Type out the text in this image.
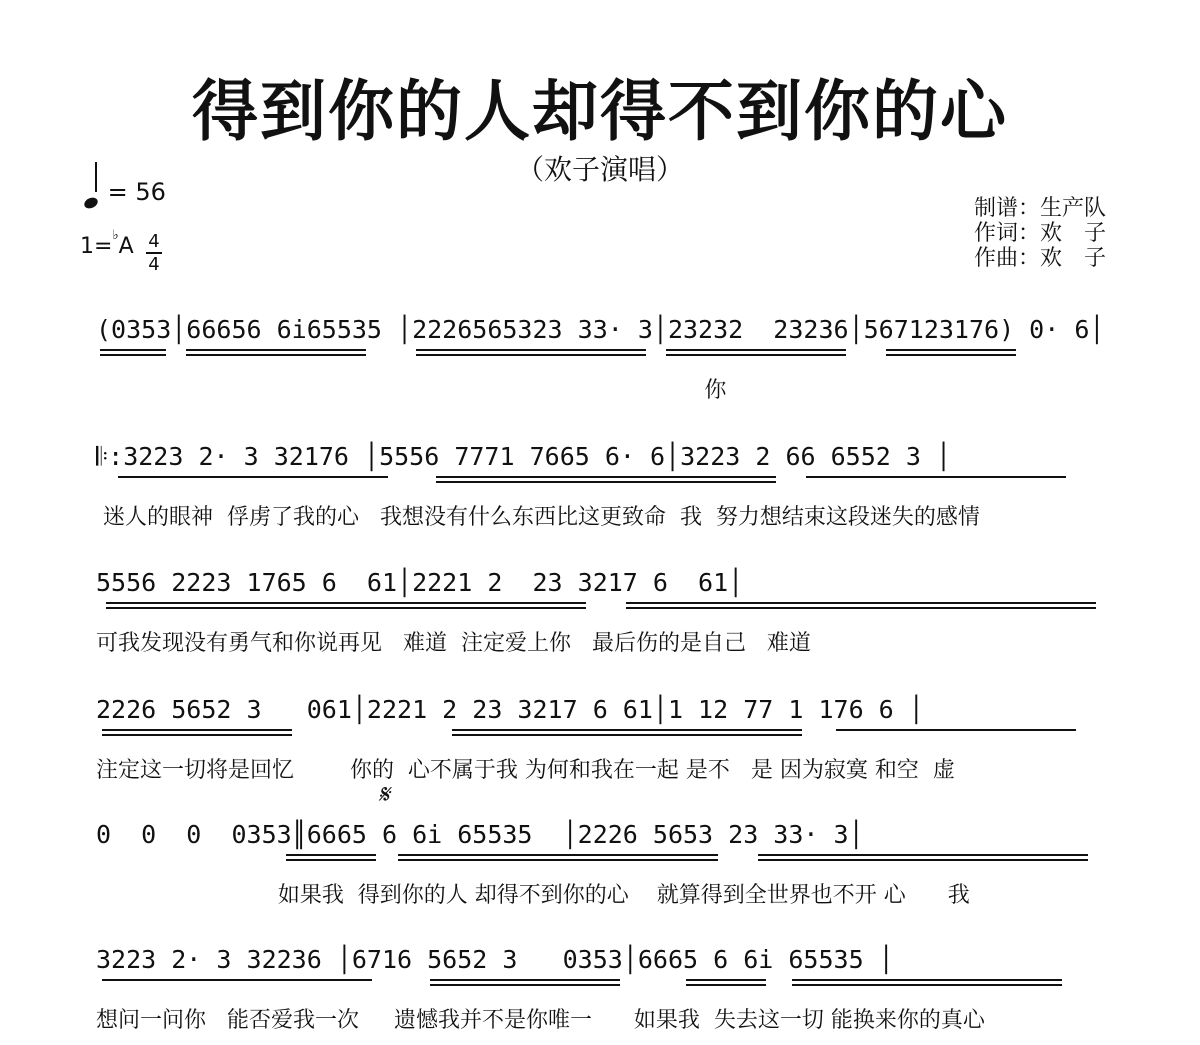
得到你的人却得不到你的心
（欢子演唱）
= 56
1=♭A 4
4
制谱：生产队
作词：欢　子
作曲：欢　子
𝄋
(0353│66656 6i65535 │2226565323 33· 3│23232  23236│567123176) 0· 6│
你
𝄆:3223 2· 3 32176 │5556 7771 7665 6· 6│3223 2 66 6552 3 │
迷人的眼神  俘虏了我的心   我想没有什么东西比这更致命  我  努力想结束这段迷失的感情
5556 2223 1765 6  61│2221 2  23 3217 6  61│
可我发现没有勇气和你说再见   难道  注定爱上你   最后伤的是自己   难道
2226 5652 3   061│2221 2 23 3217 6 61│1 12 77 1 176 6 │
注定这一切将是回忆        你的  心不属于我 为何和我在一起 是不   是 因为寂寞 和空  虚
0  0  0  0353║6665 6 6i 65535  │2226 5653 23 33· 3│
如果我  得到你的人 却得不到你的心    就算得到全世界也不开 心      我
3223 2· 3 32236 │6716 5652 3   0353│6665 6 6i 65535 │
想问一问你   能否爱我一次     遗憾我并不是你唯一      如果我  失去这一切 能换来你的真心
